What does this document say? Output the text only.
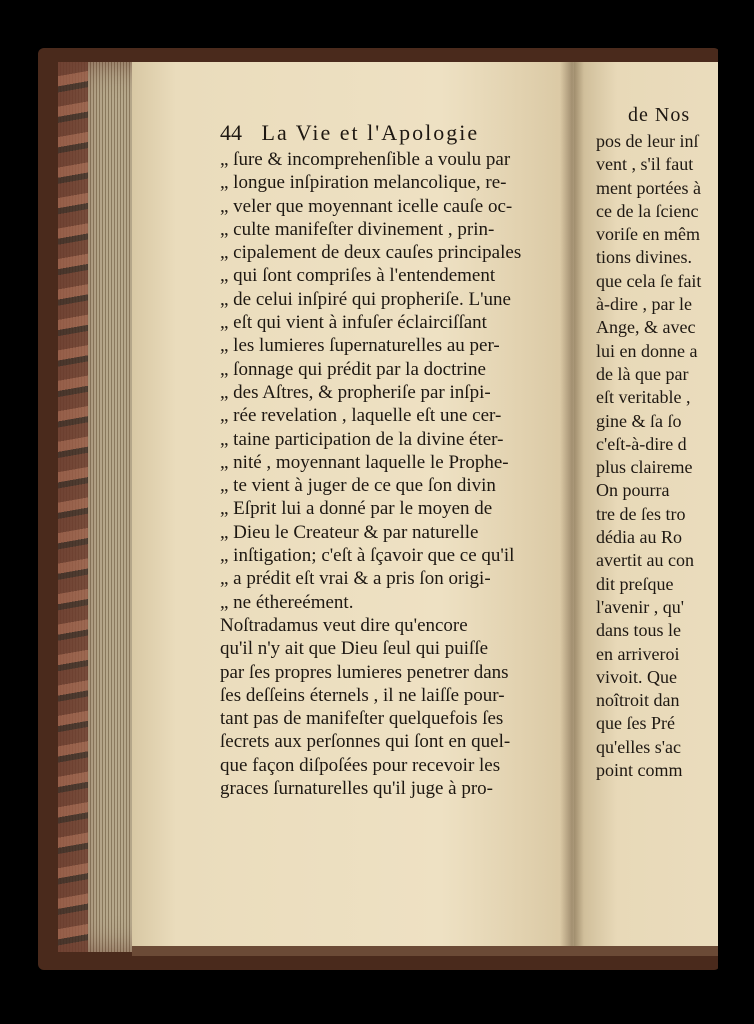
44 La Vie et l'Apologie
„ ſure & incomprehenſible a voulu par
„ longue inſpiration melancolique, re-
„ veler que moyennant icelle cauſe oc-
„ culte manifeſter divinement , prin-
„ cipalement de deux cauſes principales
„ qui ſont compriſes à l'entendement
„ de celui inſpiré qui propheriſe. L'une
„ eſt qui vient à infuſer éclairciſſant
„ les lumieres ſupernaturelles au per-
„ ſonnage qui prédit par la doctrine
„ des Aſtres, & propheriſe par inſpi-
„ rée revelation , laquelle eſt une cer-
„ taine participation de la divine éter-
„ nité , moyennant laquelle le Prophe-
„ te vient à juger de ce que ſon divin
„ Eſprit lui a donné par le moyen de
„ Dieu le Createur & par naturelle
„ inſtigation; c'eſt à ſçavoir que ce qu'il
„ a prédit eſt vrai & a pris ſon origi-
„ ne éthereément.
Noſtradamus veut dire qu'encore
qu'il n'y ait que Dieu ſeul qui puiſſe
par ſes propres lumieres penetrer dans
ſes deſſeins éternels , il ne laiſſe pour-
tant pas de manifeſter quelquefois ſes
ſecrets aux perſonnes qui ſont en quel-
que façon diſpoſées pour recevoir les
graces ſurnaturelles qu'il juge à pro-
de Nos
pos de leur inſ
vent , s'il faut
ment portées à
ce de la ſcienc
voriſe en mêm
tions divines.
que cela ſe fait
à-dire , par le
Ange, & avec
lui en donne a
de là que par
eſt veritable ,
gine & ſa ſo
c'eſt-à-dire d
plus claireme
On pourra
tre de ſes tro
dédia au Ro
avertit au con
dit preſque
l'avenir , qu'
dans tous le
en arriveroi
vivoit. Que
noîtroit dan
que ſes Pré
qu'elles s'ac
point comm
